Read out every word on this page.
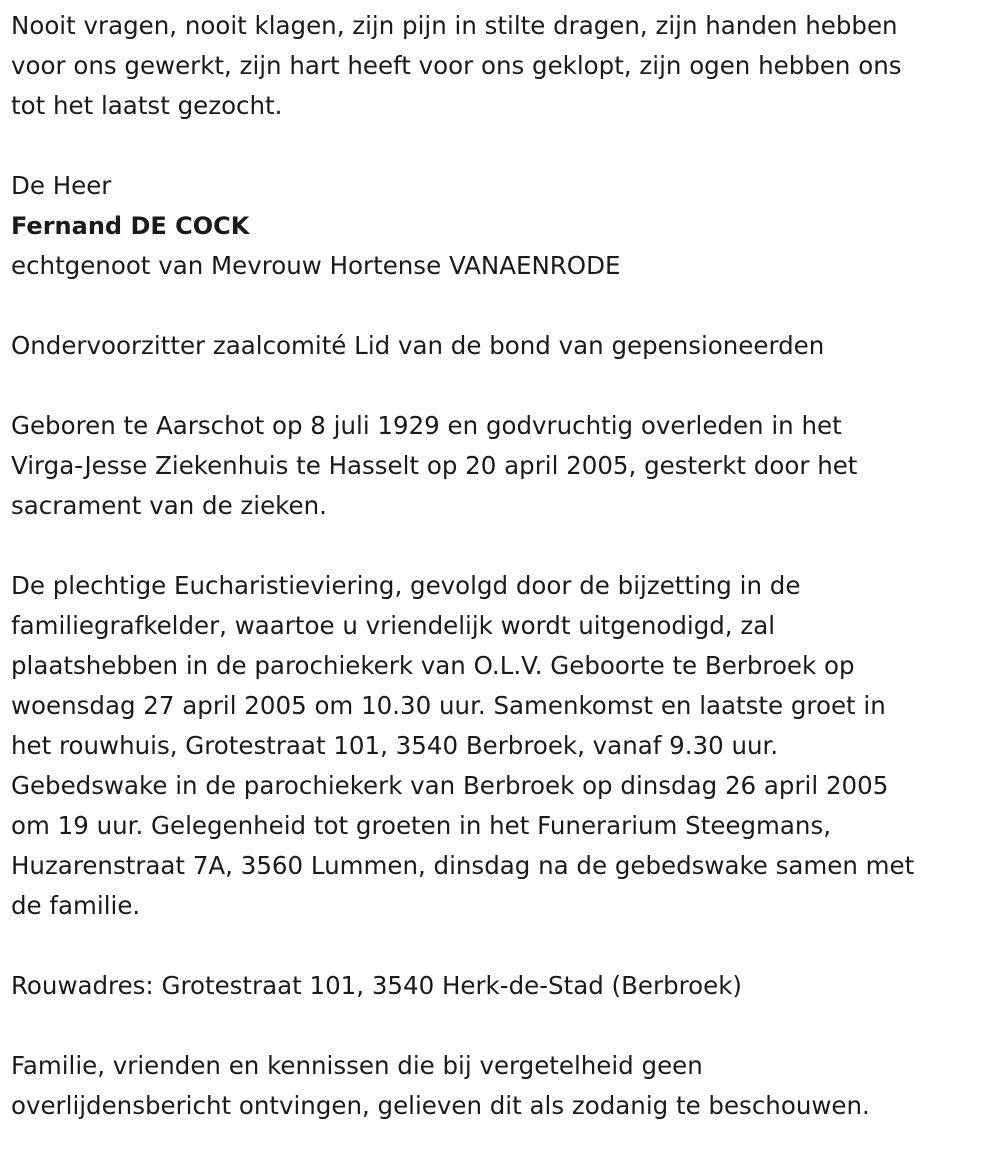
Nooit vragen, nooit klagen, zijn pijn in stilte dragen, zijn handen hebben

voor ons gewerkt, zijn hart heeft voor ons geklopt, zijn ogen hebben ons

tot het laatst gezocht.

De Heer

Fernand DE COCK

echtgenoot van Mevrouw Hortense VANAENRODE

Ondervoorzitter zaalcomité Lid van de bond van gepensioneerden

Geboren te Aarschot op 8 juli 1929 en godvruchtig overleden in het

Virga-Jesse Ziekenhuis te Hasselt op 20 april 2005, gesterkt door het

sacrament van de zieken.

De plechtige Eucharistieviering, gevolgd door de bijzetting in de

familiegrafkelder, waartoe u vriendelijk wordt uitgenodigd, zal

plaatshebben in de parochiekerk van O.L.V. Geboorte te Berbroek op

woensdag 27 april 2005 om 10.30 uur. Samenkomst en laatste groet in

het rouwhuis, Grotestraat 101, 3540 Berbroek, vanaf 9.30 uur.

Gebedswake in de parochiekerk van Berbroek op dinsdag 26 april 2005

om 19 uur. Gelegenheid tot groeten in het Funerarium Steegmans,

Huzarenstraat 7A, 3560 Lummen, dinsdag na de gebedswake samen met

de familie.

Rouwadres: Grotestraat 101, 3540 Herk-de-Stad (Berbroek)

Familie, vrienden en kennissen die bij vergetelheid geen

overlijdensbericht ontvingen, gelieven dit als zodanig te beschouwen.
